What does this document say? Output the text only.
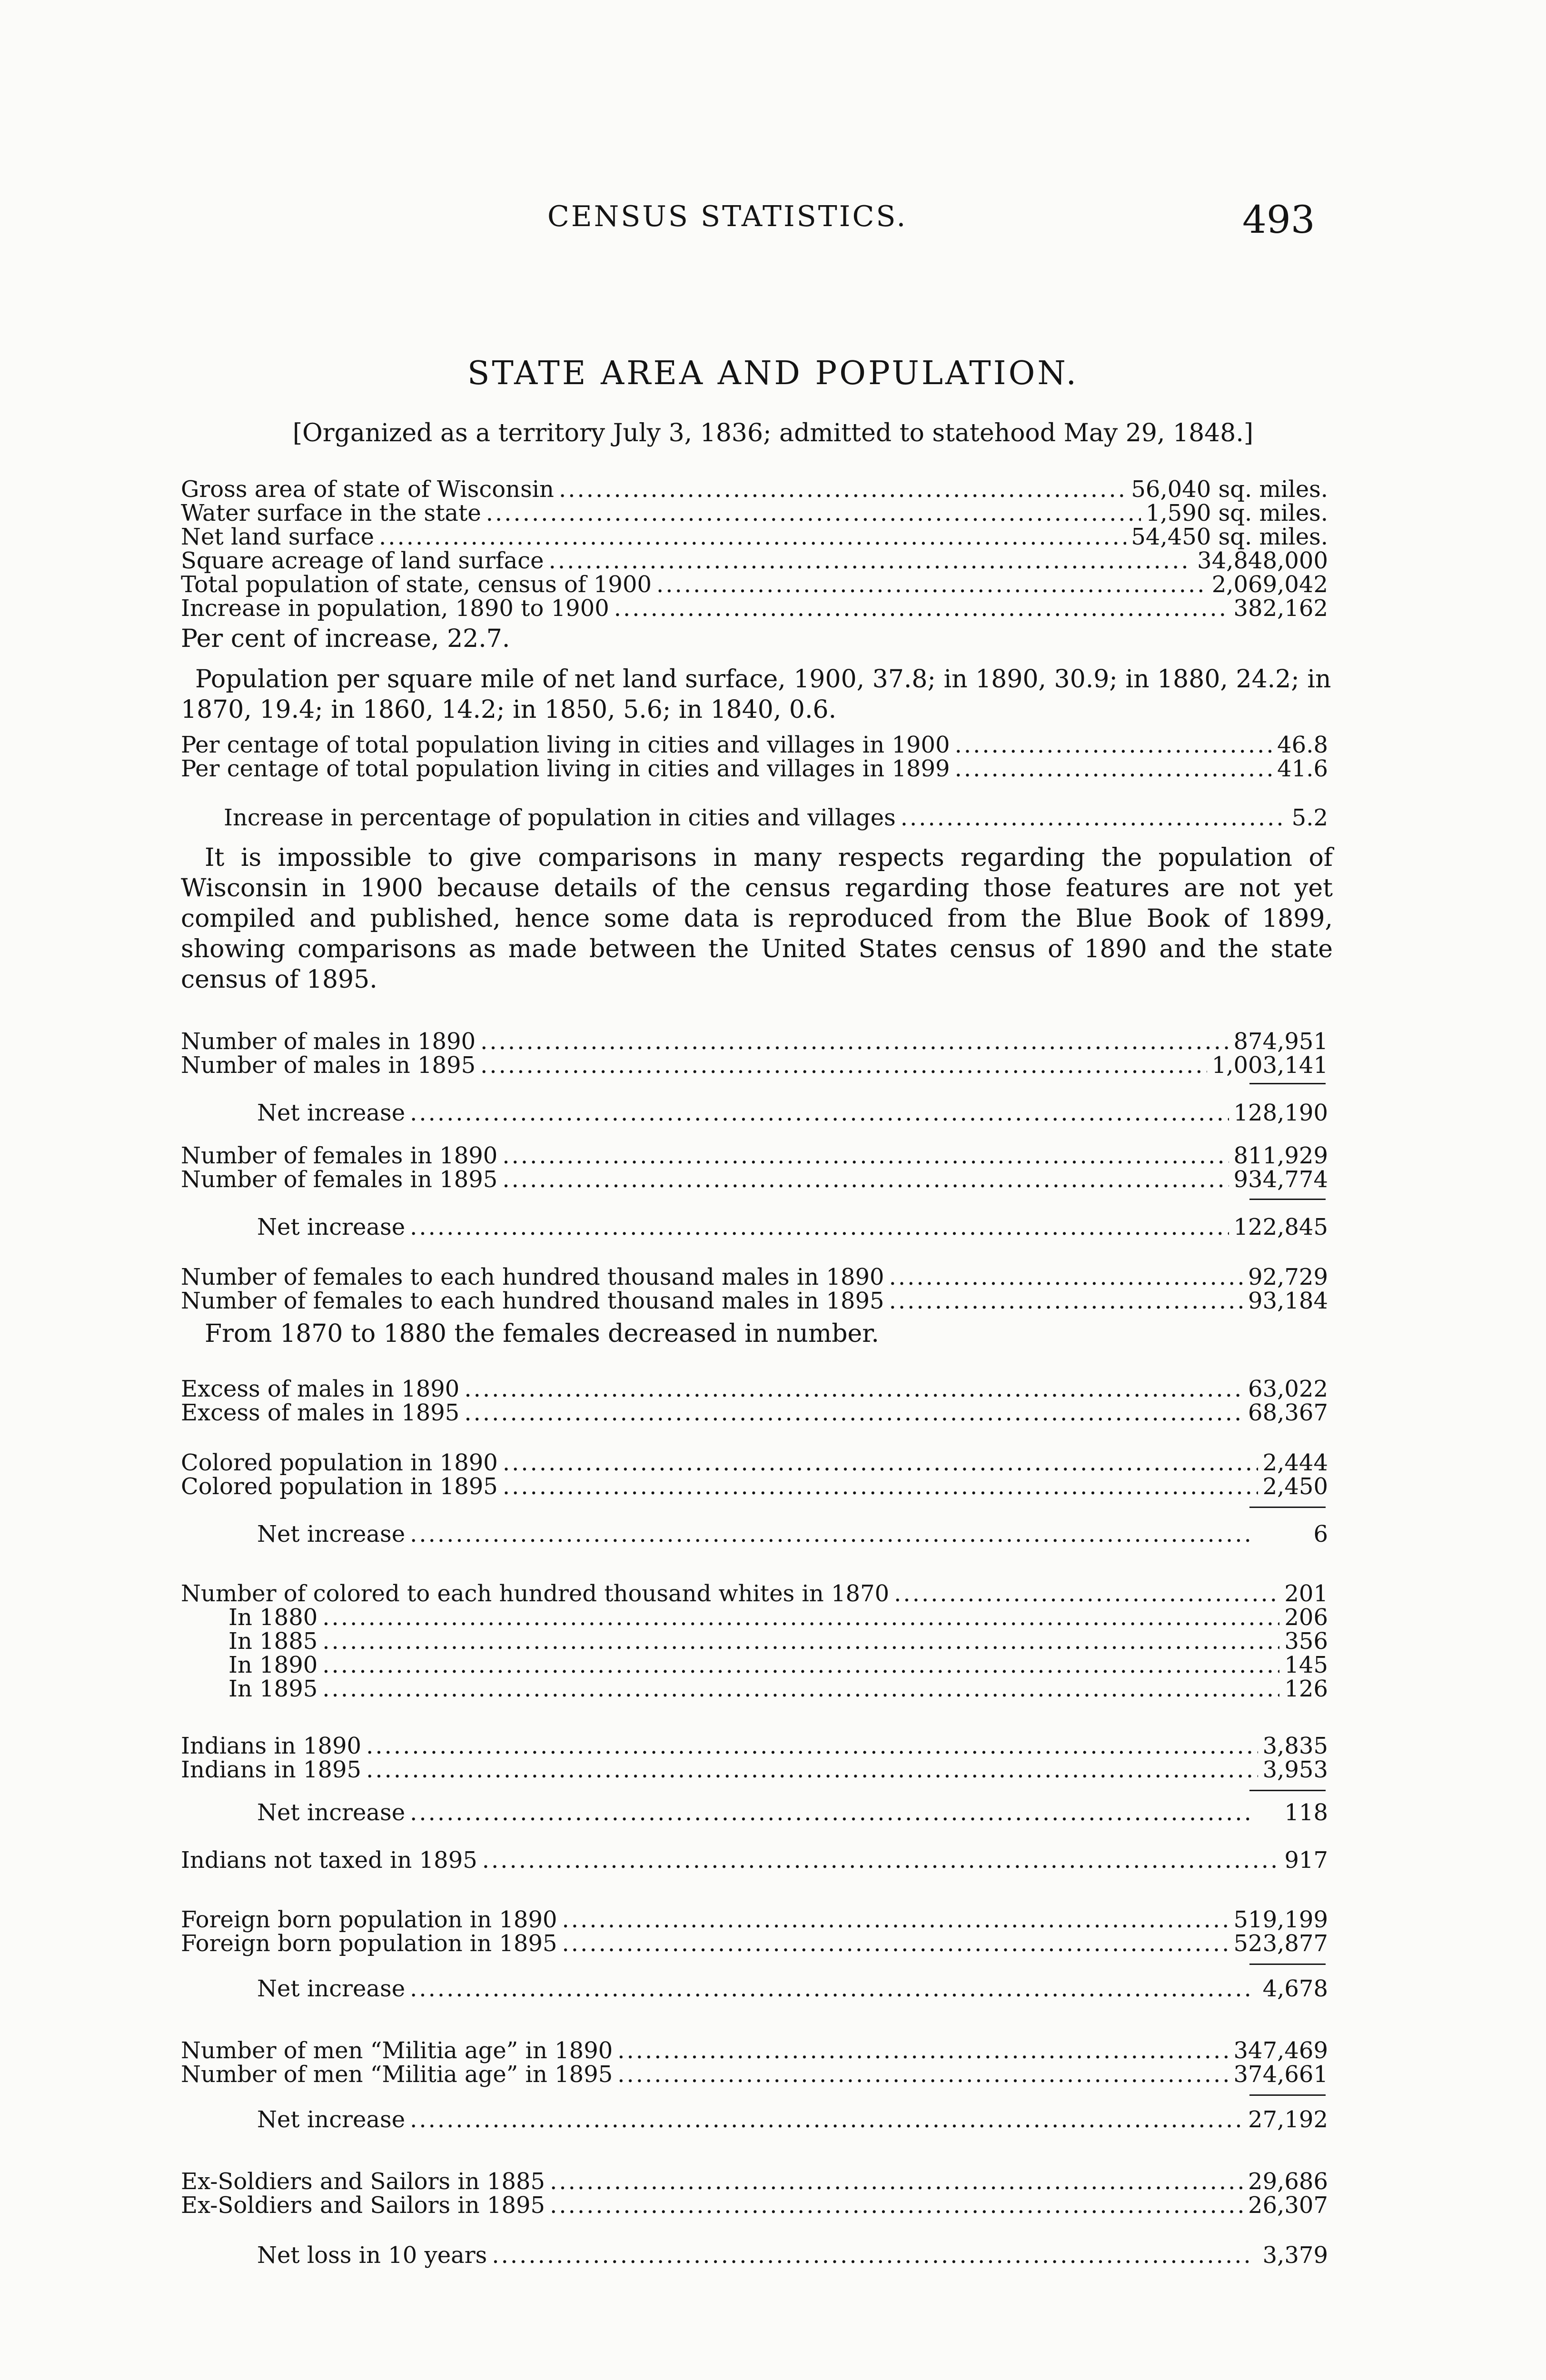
CENSUS STATISTICS.	493
STATE AREA AND POPULATION.
[Organized as a territory July 3, 1836; admitted to statehood May 29, 1848.]
Gross area of state of Wisconsin .....	56,040 sq. miles.
Water surface in the state .....	1,590 sq. miles.
Net land surface .....	54,450 sq. miles.
Square acreage of land surface .....	34,848,000
Total population of state, census of 1900 .....	2,069,042
Increase in population, 1890 to 1900 .....	382,162
Per cent of increase, 22.7.
Population per square mile of net land surface, 1900, 37.8; in 1890, 30.9; in 1880, 24.2; in 1870, 19.4; in 1860, 14.2; in 1850, 5.6; in 1840, 0.6.
Per centage of total population living in cities and villages in 1900 .....	46.8
Per centage of total population living in cities and villages in 1899 .....	41.6
Increase in percentage of population in cities and villages .....	5.2
It is impossible to give comparisons in many respects regarding the population of Wisconsin in 1900 because details of the census regarding those features are not yet compiled and published, hence some data is reproduced from the Blue Book of 1899, showing comparisons as made between the United States census of 1890 and the state census of 1895.
Number of males in 1890 .....	874,951
Number of males in 1895 .....	1,003,141
Net increase .....	128,190
Number of females in 1890 .....	811,929
Number of females in 1895 .....	934,774
Net increase .....	122,845
Number of females to each hundred thousand males in 1890 .....	92,729
Number of females to each hundred thousand males in 1895 .....	93,184
From 1870 to 1880 the females decreased in number.
Excess of males in 1890 .....	63,022
Excess of males in 1895 .....	68,367
Colored population in 1890 .....	2,444
Colored population in 1895 .....	2,450
Net increase .....	6
Number of colored to each hundred thousand whites in 1870 .....	201
In 1880 .....	206
In 1885 .....	356
In 1890 .....	145
In 1895 .....	126
Indians in 1890 .....	3,835
Indians in 1895 .....	3,953
Net increase .....	118
Indians not taxed in 1895 .....	917
Foreign born population in 1890 .....	519,199
Foreign born population in 1895 .....	523,877
Net increase .....	4,678
Number of men “Militia age” in 1890 .....	347,469
Number of men “Militia age” in 1895 .....	374,661
Net increase .....	27,192
Ex-Soldiers and Sailors in 1885 .....	29,686
Ex-Soldiers and Sailors in 1895 .....	26,307
Net loss in 10 years .....	3,379
